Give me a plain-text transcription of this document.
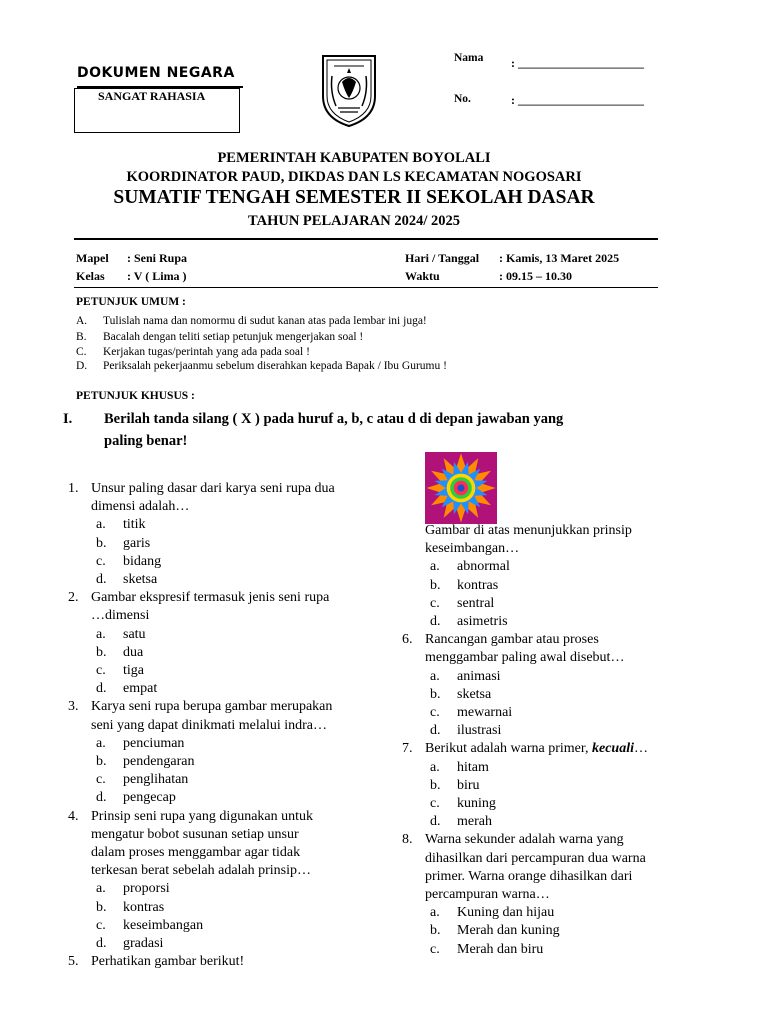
DOKUMEN NEGARA
SANGAT RAHASIA
Nama : _____________________
No.	: _____________________
PEMERINTAH KABUPATEN BOYOLALI
KOORDINATOR PAUD, DIKDAS DAN LS KECAMATAN NOGOSARI
SUMATIF TENGAH SEMESTER II SEKOLAH DASAR
TAHUN PELAJARAN 2024/ 2025
Mapel : Seni Rupa
Kelas : V ( Lima )
Hari / Tanggal : Kamis, 13 Maret 2025
Waktu	: 09.15 – 10.30
PETUNJUK UMUM :
A. Tulislah nama dan nomormu di sudut kanan atas pada lembar ini juga!
B. Bacalah dengan teliti setiap petunjuk mengerjakan soal !
C. Kerjakan tugas/perintah yang ada pada soal !
D. Periksalah pekerjaanmu sebelum diserahkan kepada Bapak / Ibu Gurumu !
PETUNJUK KHUSUS :
I. Berilah tanda silang ( X ) pada huruf a, b, c atau d di depan jawaban yang
paling benar!
1. Unsur paling dasar dari karya seni rupa dua
dimensi adalah…
a. titik
b. garis
c. bidang
d. sketsa
2. Gambar ekspresif termasuk jenis seni rupa
…dimensi
a. satu
b. dua
c. tiga
d. empat
3. Karya seni rupa berupa gambar merupakan
seni yang dapat dinikmati melalui indra…
a. penciuman
b. pendengaran
c. penglihatan
d. pengecap
4. Prinsip seni rupa yang digunakan untuk
mengatur bobot susunan setiap unsur
dalam proses menggambar agar tidak
terkesan berat sebelah adalah prinsip…
a. proporsi
b. kontras
c. keseimbangan
d. gradasi
5. Perhatikan gambar berikut!
Gambar di atas menunjukkan prinsip
keseimbangan…
a. abnormal
b. kontras
c. sentral
d. asimetris
6. Rancangan gambar atau proses
menggambar paling awal disebut…
a. animasi
b. sketsa
c. mewarnai
d. ilustrasi
7. Berikut adalah warna primer, kecuali…
a. hitam
b. biru
c. kuning
d. merah
8. Warna sekunder adalah warna yang
dihasilkan dari percampuran dua warna
primer. Warna orange dihasilkan dari
percampuran warna…
a. Kuning dan hijau
b. Merah dan kuning
c. Merah dan biru
